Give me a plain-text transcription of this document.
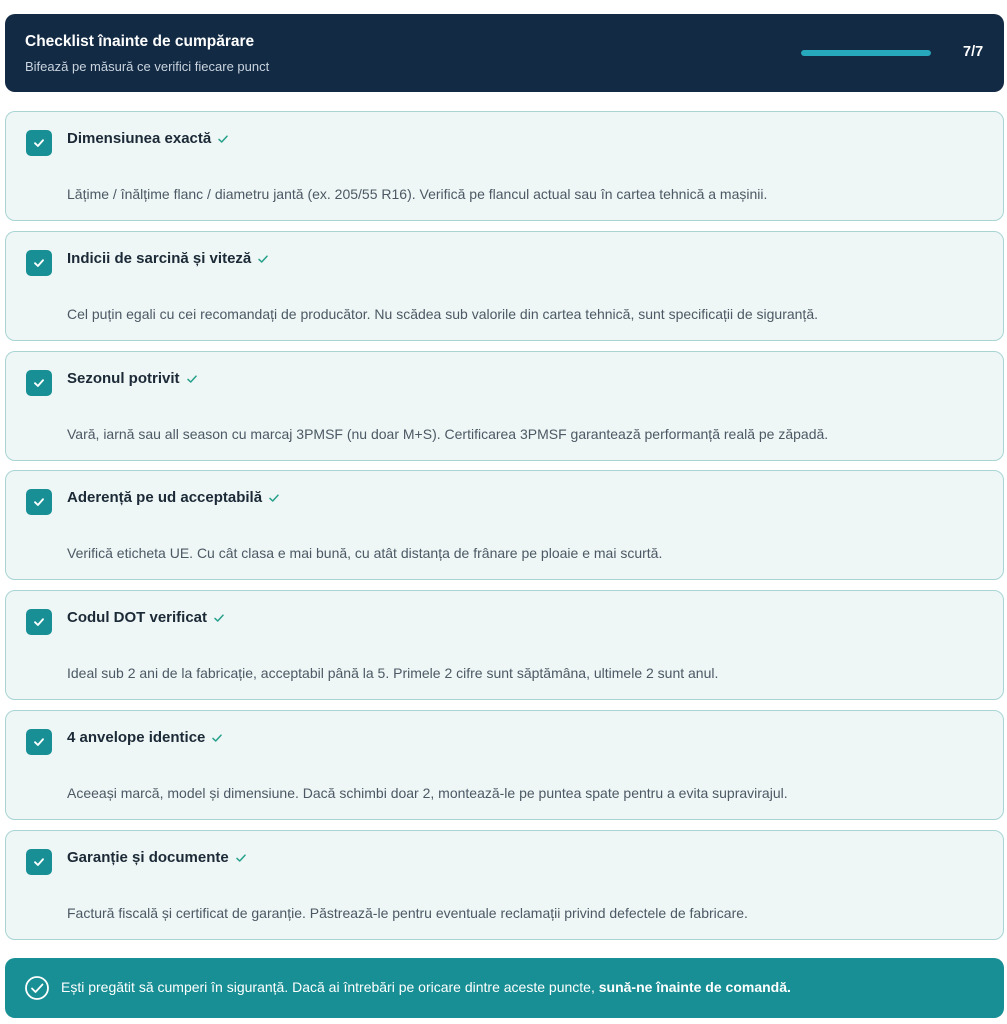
Checklist înainte de cumpărare
Bifează pe măsură ce verifici fiecare punct
7/7
Dimensiunea exactă
Lățime / înălțime flanc / diametru jantă (ex. 205/55 R16). Verifică pe flancul actual sau în cartea tehnică a mașinii.
Indicii de sarcină și viteză
Cel puțin egali cu cei recomandați de producător. Nu scădea sub valorile din cartea tehnică, sunt specificații de siguranță.
Sezonul potrivit
Vară, iarnă sau all season cu marcaj 3PMSF (nu doar M+S). Certificarea 3PMSF garantează performanță reală pe zăpadă.
Aderență pe ud acceptabilă
Verifică eticheta UE. Cu cât clasa e mai bună, cu atât distanța de frânare pe ploaie e mai scurtă.
Codul DOT verificat
Ideal sub 2 ani de la fabricație, acceptabil până la 5. Primele 2 cifre sunt săptămâna, ultimele 2 sunt anul.
4 anvelope identice
Aceeași marcă, model și dimensiune. Dacă schimbi doar 2, montează-le pe puntea spate pentru a evita supravirajul.
Garanție și documente
Factură fiscală și certificat de garanție. Păstrează-le pentru eventuale reclamații privind defectele de fabricare.
Ești pregătit să cumperi în siguranță. Dacă ai întrebări pe oricare dintre aceste puncte, sună-ne înainte de comandă.
